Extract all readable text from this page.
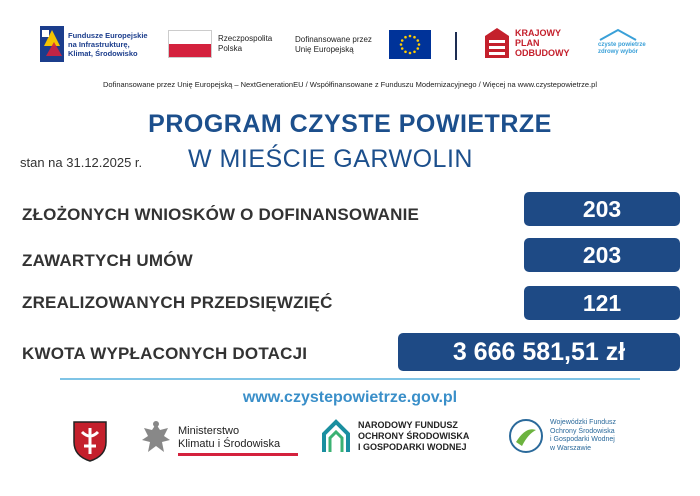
Fundusze Europejskie
na Infrastrukturę,
Klimat, Środowisko
Rzeczpospolita
Polska
Dofinansowane przez
Unię Europejską
KRAJOWY
PLAN
ODBUDOWY
czyste powietrze
zdrowy wybór
Dofinansowane przez Unię Europejską – NextGenerationEU / Współfinansowane z Funduszu Modernizacyjnego / Więcej na www.czystepowietrze.pl
PROGRAM CZYSTE POWIETRZE
stan na 31.12.2025 r. W MIEŚCIE GARWOLIN
ZŁOŻONYCH WNIOSKÓW O DOFINANSOWANIE	203
ZAWARTYCH UMÓW	203
ZREALIZOWANYCH PRZEDSIĘWZIĘĆ	121
KWOTA WYPŁACONYCH DOTACJI	3 666 581,51 zł
www.czystepowietrze.gov.pl
Ministerstwo
Klimatu i Środowiska
NARODOWY FUNDUSZ
OCHRONY ŚRODOWISKA
I GOSPODARKI WODNEJ
Wojewódzki Fundusz
Ochrony Środowiska
i Gospodarki Wodnej
w Warszawie
